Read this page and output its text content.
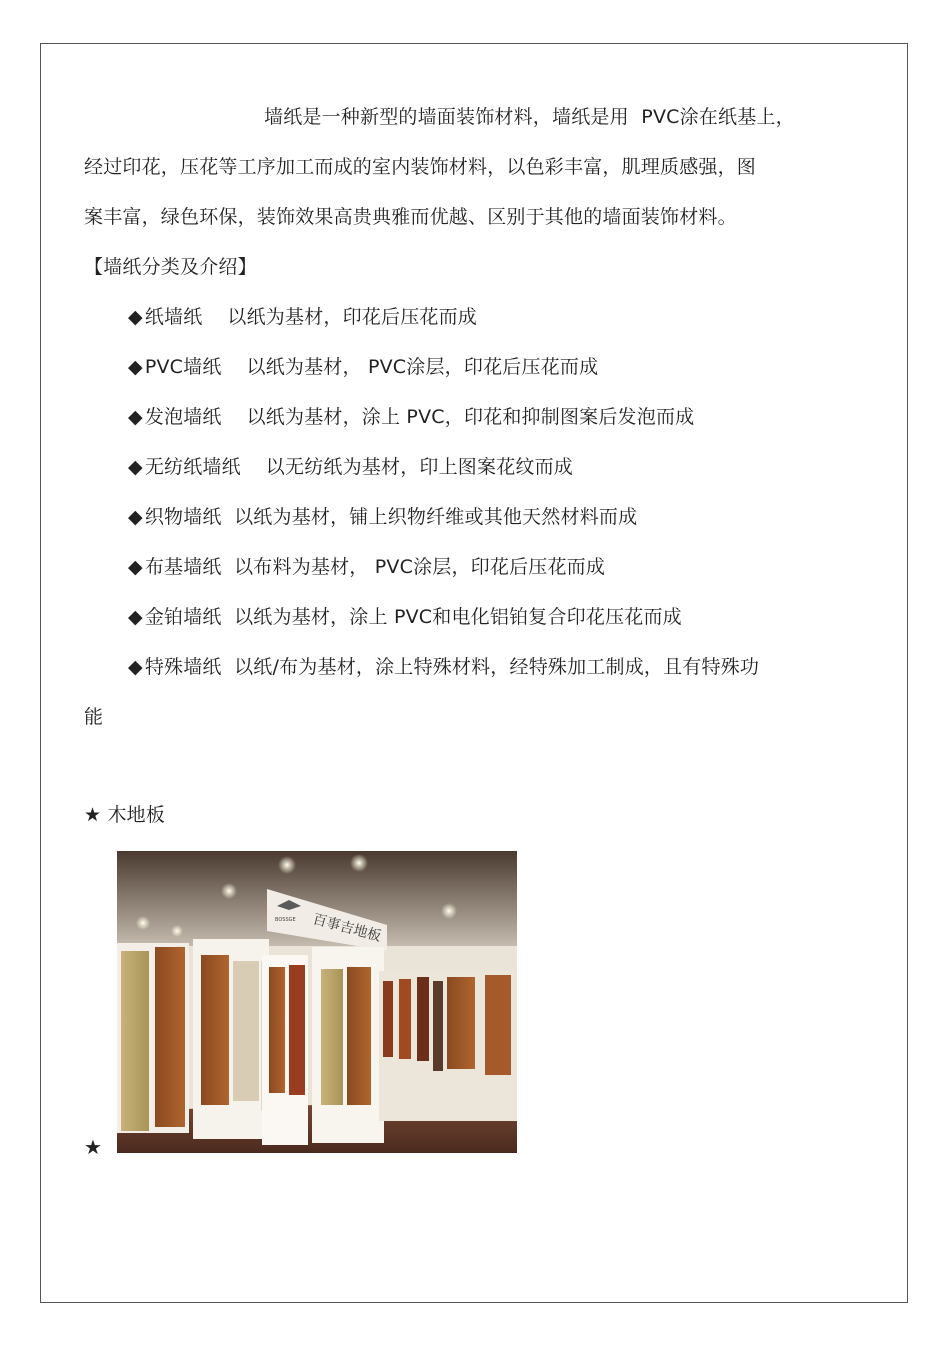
墙纸是一种新型的墙面装饰材料，墙纸是用  PVC涂在纸基上，
经过印花，压花等工序加工而成的室内装饰材料，以色彩丰富，肌理质感强，图
案丰富，绿色环保，装饰效果高贵典雅而优越、区别于其他的墙面装饰材料。
【墙纸分类及介绍】
◆ 纸墙纸 以纸为基材，印花后压花而成
◆ PVC墙纸 以纸为基材， PVC涂层，印花后压花而成
◆ 发泡墙纸 以纸为基材，涂上 PVC，印花和抑制图案后发泡而成
◆ 无纺纸墙纸 以无纺纸为基材，印上图案花纹而成
◆ 织物墙纸 以纸为基材，铺上织物纤维或其他天然材料而成
◆ 布基墙纸 以布料为基材， PVC涂层，印花后压花而成
◆ 金铂墙纸 以纸为基材，涂上 PVC和电化铝铂复合印花压花而成
◆ 特殊墙纸 以纸/布为基材，涂上特殊材料，经特殊加工制成，且有特殊功
能
★ 木地板
★
BOSSGE 百事吉地板
